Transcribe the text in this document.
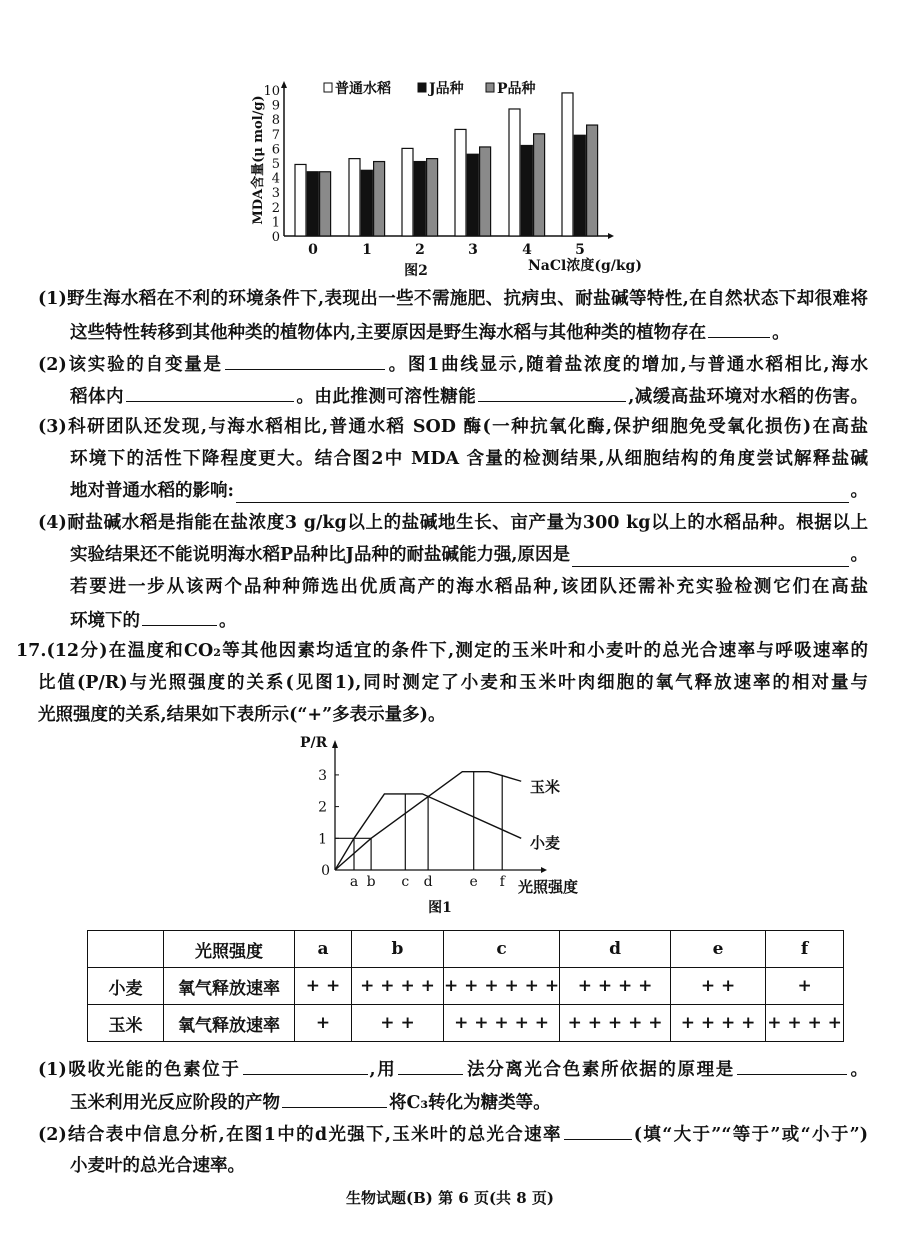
0
1
2
3
4
5
6
7
8
9
10
0	1	2	3	4	5
普通水稻	J品种 P品种
MDA含量(μ mol/g)
NaCl浓度(g/kg)
图2
(1)野生海水稻在不利的环境条件下,表现出一些不需施肥、抗病虫、耐盐碱等特性,在自然状态下却很难将
这些特性转移到其他种类的植物体内,主要原因是野生海水稻与其他种类的植物存在	。
(2)该实验的自变量是	。图1曲线显示,随着盐浓度的增加,与普通水稻相比,海水
稻体内	。由此推测可溶性糖能	,减缓高盐环境对水稻的伤害。
(3)科研团队还发现,与海水稻相比,普通水稻 SOD 酶(一种抗氧化酶,保护细胞免受氧化损伤)在高盐
环境下的活性下降程度更大。结合图2中 MDA 含量的检测结果,从细胞结构的角度尝试解释盐碱
地对普通水稻的影响:	。
(4)耐盐碱水稻是指能在盐浓度3 g/kg以上的盐碱地生长、亩产量为300 kg以上的水稻品种。根据以上
实验结果还不能说明海水稻P品种比J品种的耐盐碱能力强,原因是	。
若要进一步从该两个品种种筛选出优质高产的海水稻品种,该团队还需补充实验检测它们在高盐
环境下的	。
17.(12分)在温度和CO₂等其他因素均适宜的条件下,测定的玉米叶和小麦叶的总光合速率与呼吸速率的
比值(P/R)与光照强度的关系(见图1),同时测定了小麦和玉米叶肉细胞的氧气释放速率的相对量与
光照强度的关系,结果如下表所示(“+”多表示量多)。
0
1
2
3
P/R
a b c d	e f
玉米
小麦
光照强度
图1
	光照强度	a	b	c	d	e	f
小麦	氧气释放速率	+ +	+ + + +	+ + + + + +	+ + + +	+ +	+
玉米	氧气释放速率	+	+ +	+ + + + +	+ + + + +	+ + + +	+ + + +
(1)吸收光能的色素位于	,用	法分离光合色素所依据的原理是	。
玉米利用光反应阶段的产物	将C₃转化为糖类等。
(2)结合表中信息分析,在图1中的d光强下,玉米叶的总光合速率	(填“大于”“等于”或“小于”)
小麦叶的总光合速率。
生物试题(B) 第 6 页(共 8 页)
